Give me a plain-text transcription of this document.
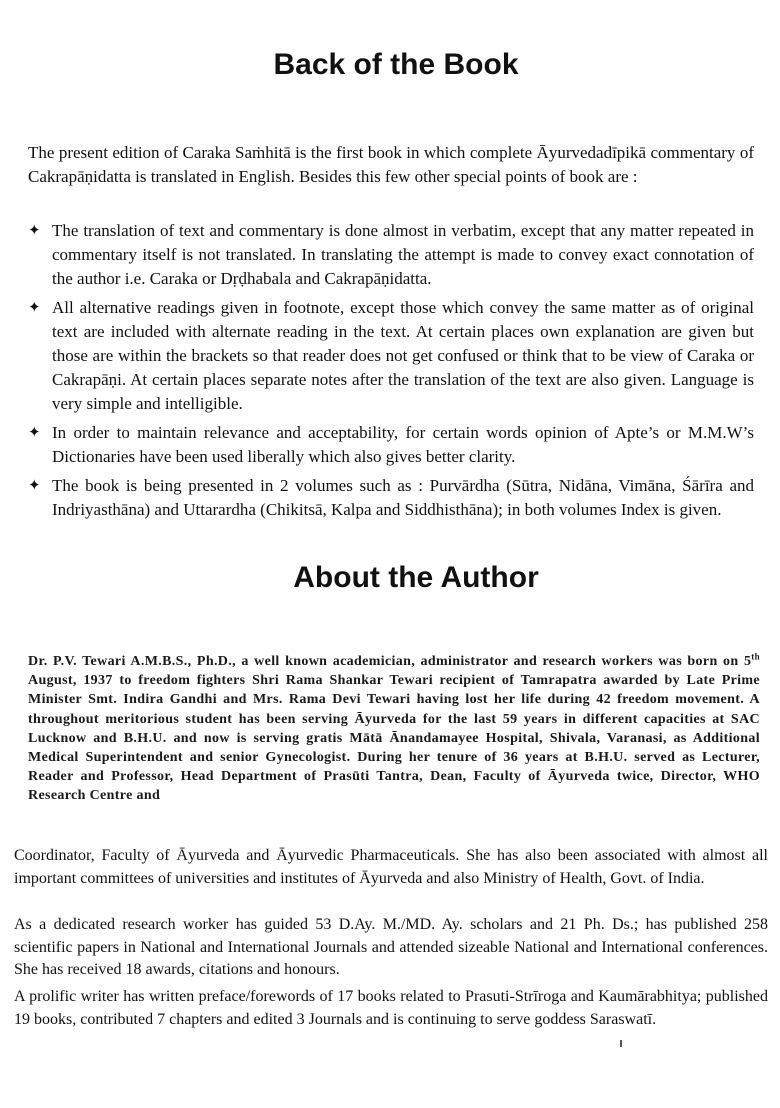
Back of the Book
The present edition of Caraka Saṁhitā is the first book in which complete Āyurvedadīpikā commentary of Cakrapāṇidatta is translated in English. Besides this few other special points of book are :
✦ The translation of text and commentary is done almost in verbatim, except that any matter repeated in commentary itself is not translated. In translating the attempt is made to convey exact connotation of the author i.e. Caraka or Dṛḍhabala and Cakrapāṇidatta.
✦ All alternative readings given in footnote, except those which convey the same matter as of original text are included with alternate reading in the text. At certain places own explanation are given but those are within the brackets so that reader does not get confused or think that to be view of Caraka or Cakrapāṇi. At certain places separate notes after the translation of the text are also given. Language is very simple and intelligible.
✦ In order to maintain relevance and acceptability, for certain words opinion of Apte’s or M.M.W’s Dictionaries have been used liberally which also gives better clarity.
✦ The book is being presented in 2 volumes such as : Purvārdha (Sūtra, Nidāna, Vimāna, Śārīra and Indriyasthāna) and Uttarardha (Chikitsā, Kalpa and Siddhisthāna); in both volumes Index is given.
About the Author
Dr. P.V. Tewari A.M.B.S., Ph.D., a well known academician, administrator and research workers was born on 5th August, 1937 to freedom fighters Shri Rama Shankar Tewari recipient of Tamrapatra awarded by Late Prime Minister Smt. Indira Gandhi and Mrs. Rama Devi Tewari having lost her life during 42 freedom movement. A throughout meritorious student has been serving Āyurveda for the last 59 years in different capacities at SAC Lucknow and B.H.U. and now is serving gratis Mātā Ānandamayee Hospital, Shivala, Varanasi, as Additional Medical Superintendent and senior Gynecologist. During her tenure of 36 years at B.H.U. served as Lecturer, Reader and Professor, Head Department of Prasūti Tantra, Dean, Faculty of Āyurveda twice, Director, WHO Research Centre and
Coordinator, Faculty of Āyurveda and Āyurvedic Pharmaceuticals. She has also been associated with almost all important committees of universities and institutes of Āyurveda and also Ministry of Health, Govt. of India.
As a dedicated research worker has guided 53 D.Ay. M./MD. Ay. scholars and 21 Ph. Ds.; has published 258 scientific papers in National and International Journals and attended sizeable National and International conferences. She has received 18 awards, citations and honours.
A prolific writer has written preface/forewords of 17 books related to Prasuti-Strīroga and Kaumārabhitya; published 19 books, contributed 7 chapters and edited 3 Journals and is continuing to serve goddess Saraswatī.
